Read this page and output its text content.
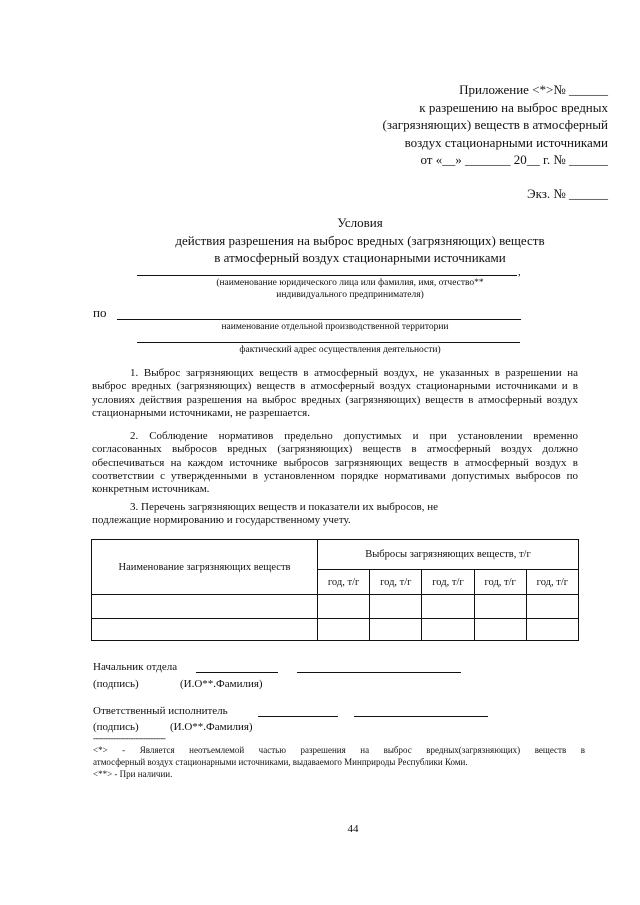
Приложение <*>№ ______
к разрешению на выброс вредных
(загрязняющих) веществ в атмосферный
воздух стационарными источниками
от «__» _______ 20__ г. № ______
Экз. № ______
Условия
действия разрешения на выброс вредных (загрязняющих) веществ
в атмосферный воздух стационарными источниками
,
(наименование юридического лица или фамилия, имя, отчество**
индивидуального предпринимателя)
по
наименование отдельной производственной территории
фактический адрес осуществления деятельности)
1. Выброс загрязняющих веществ в атмосферный воздух, не указанных в разрешении на выброс вредных (загрязняющих) веществ в атмосферный воздух стационарными источниками и в условиях действия разрешения на выброс вредных (загрязняющих) веществ в атмосферный воздух стационарными источниками, не разрешается.
2. Соблюдение нормативов предельно допустимых и при установлении временно согласованных выбросов вредных (загрязняющих) веществ в атмосферный воздух должно обеспечиваться на каждом источнике выбросов загрязняющих веществ в атмосферный воздух в соответствии с утвержденными в установленном порядке нормативами допустимых выбросов по конкретным источникам.
3. Перечень загрязняющих веществ и показатели их выбросов, не
подлежащие нормированию и государственному учету.
Наименование загрязняющих веществ	Выбросы загрязняющих веществ, т/г				
	год, т/г	год, т/г	год, т/г	год, т/г	год, т/г

Начальник отдела
(подпись)	(И.О**.Фамилия)
Ответственный исполнитель
(подпись)	(И.О**.Фамилия)
-----------------------------
<*> - Является неотъемлемой частью разрешения на выброс вредных(загрязняющих) веществ в
атмосферный воздух стационарными источниками, выдаваемого Минприроды Республики Коми.
<**> - При наличии.
44
